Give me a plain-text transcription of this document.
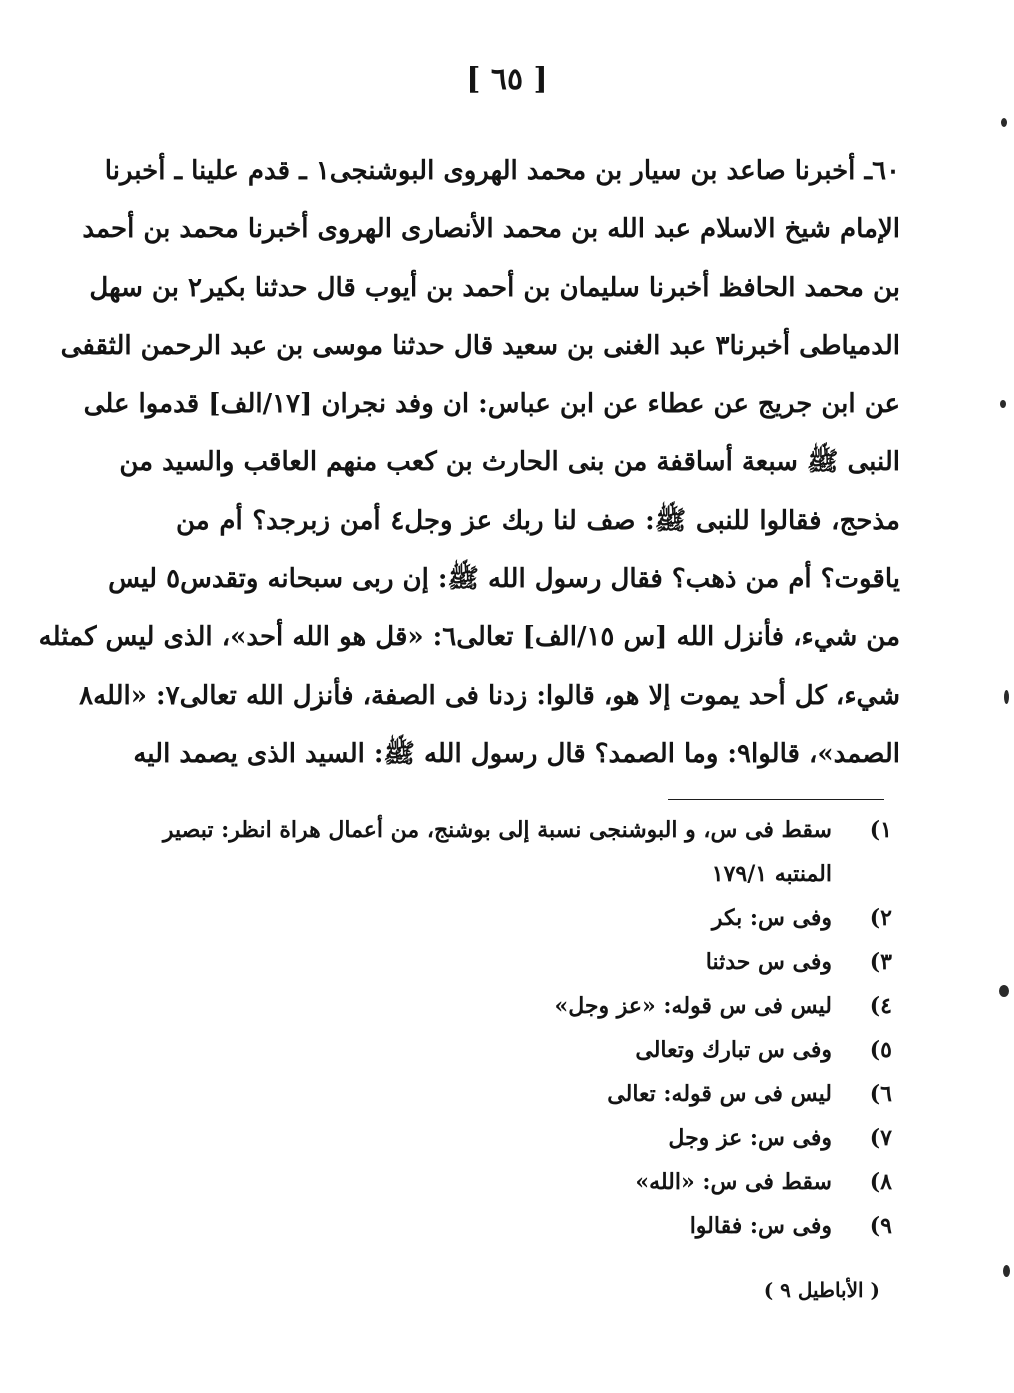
[ ٦٥ ]
٦٠ـ أخبرنا صاعد بن سيار بن محمد الهروى البوشنجى١ ـ قدم علينا ـ أخبرنا
الإمام شيخ الاسلام عبد الله بن محمد الأنصارى الهروى أخبرنا محمد بن أحمد
بن محمد الحافظ أخبرنا سليمان بن أحمد بن أيوب قال حدثنا بكير٢ بن سهل
الدمياطى أخبرنا٣ عبد الغنى بن سعيد قال حدثنا موسى بن عبد الرحمن الثقفى
عن ابن جريج عن عطاء عن ابن عباس: ان وفد نجران [١٧/الف] قدموا على
النبى ﷺ سبعة أساقفة من بنى الحارث بن كعب منهم العاقب والسيد من
مذحج، فقالوا للنبى ﷺ: صف لنا ربك عز وجل٤ أمن زبرجد؟ أم من
ياقوت؟ أم من ذهب؟ فقال رسول الله ﷺ: إن ربى سبحانه وتقدس٥ ليس
من شيء، فأنزل الله [س ١٥/الف] تعالى٦: «قل هو الله أحد»، الذى ليس كمثله
شيء، كل أحد يموت إلا هو، قالوا: زدنا فى الصفة، فأنزل الله تعالى٧: «الله٨
الصمد»، قالوا٩: وما الصمد؟ قال رسول الله ﷺ: السيد الذى يصمد اليه
١)
سقط فى س، و البوشنجى نسبة إلى بوشنج، من أعمال هراة انظر: تبصير
المنتبه ١٧٩/١
٢)
وفى س: بكر
٣)
وفى س حدثنا
٤)
ليس فى س قوله: «عز وجل»
٥)
وفى س تبارك وتعالى
٦)
ليس فى س قوله: تعالى
٧)
وفى س: عز وجل
٨)
سقط فى س: «الله»
٩)
وفى س: فقالوا
( الأباطيل ٩ )
